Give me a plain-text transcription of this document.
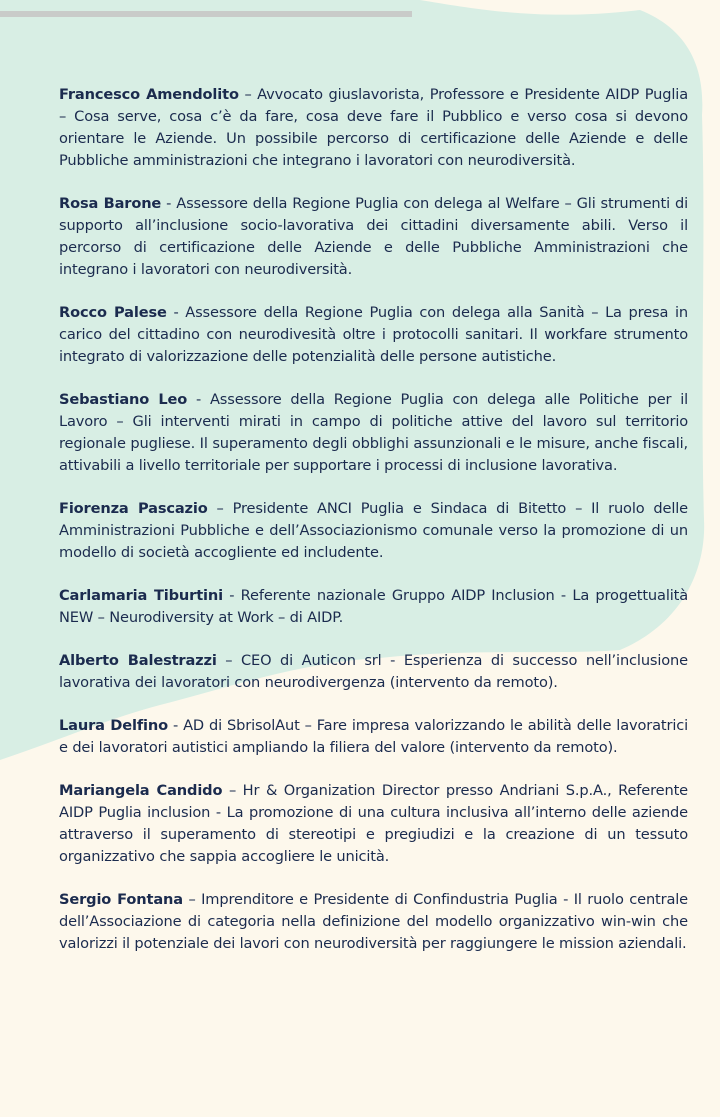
Francesco Amendolito – Avvocato giuslavorista, Professore e Presidente AIDP Puglia – Cosa serve, cosa c’è da fare, cosa deve fare il Pubblico e verso cosa si devono orientare le Aziende. Un possibile percorso di certificazione delle Aziende e delle Pubbliche amministrazioni che integrano i lavoratori con neurodiversità.

Rosa Barone - Assessore della Regione Puglia con delega al Welfare – Gli strumenti di supporto all’inclusione socio-lavorativa dei cittadini diversamente abili. Verso il percorso di certificazione delle Aziende e delle Pubbliche Amministrazioni che integrano i lavoratori con neurodiversità.

Rocco Palese - Assessore della Regione Puglia con delega alla Sanità – La presa in carico del cittadino con neurodivesità oltre i protocolli sanitari. Il workfare strumento integrato di valorizzazione delle potenzialità delle persone autistiche.

Sebastiano Leo - Assessore della Regione Puglia con delega alle Politiche per il Lavoro – Gli interventi mirati in campo di politiche attive del lavoro sul territorio regionale pugliese. Il superamento degli obblighi assunzionali e le misure, anche fiscali, attivabili a livello territoriale per supportare i processi di inclusione lavorativa.

Fiorenza Pascazio – Presidente ANCI Puglia e Sindaca di Bitetto – Il ruolo delle Amministrazioni Pubbliche e dell’Associazionismo comunale verso la promozione di un modello di società accogliente ed includente.

Carlamaria Tiburtini - Referente nazionale Gruppo AIDP Inclusion - La progettualità NEW – Neurodiversity at Work – di AIDP.

Alberto Balestrazzi – CEO di Auticon srl - Esperienza di successo nell’inclusione lavorativa dei lavoratori con neurodivergenza (intervento da remoto).

Laura Delfino - AD di SbrisolAut – Fare impresa valorizzando le abilità delle lavoratrici e dei lavoratori autistici ampliando la filiera del valore (intervento da remoto).

Mariangela Candido – Hr & Organization Director presso Andriani S.p.A., Referente AIDP Puglia inclusion - La promozione di una cultura inclusiva all’interno delle aziende attraverso il superamento di stereotipi e pregiudizi e la creazione di un tessuto organizzativo che sappia accogliere le unicità.

Sergio Fontana – Imprenditore e Presidente di Confindustria Puglia - Il ruolo centrale dell’Associazione di categoria nella definizione del modello organizzativo win-win che valorizzi il potenziale dei lavori con neurodiversità per raggiungere le mission aziendali.
